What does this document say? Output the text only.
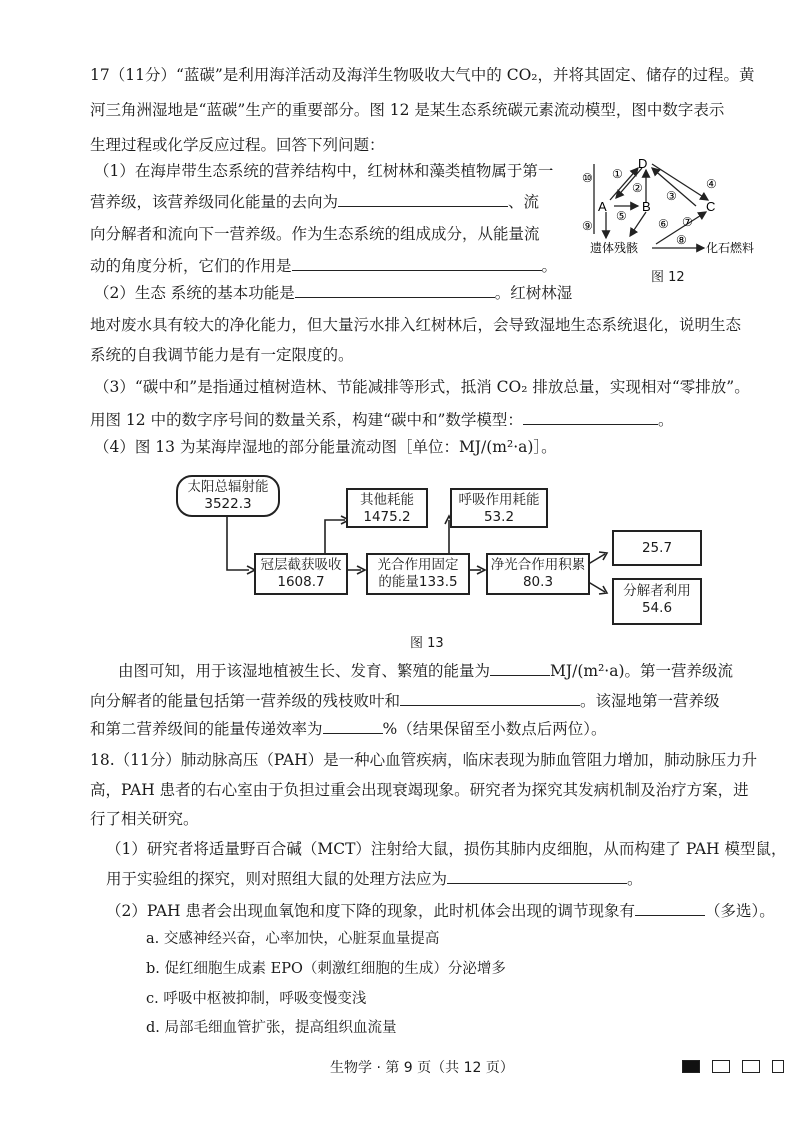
17（11分）“蓝碳”是利用海洋活动及海洋生物吸收大气中的 CO₂，并将其固定、储存的过程。黄
河三角洲湿地是“蓝碳”生产的重要部分。图 12 是某生态系统碳元素流动模型，图中数字表示
生理过程或化学反应过程。回答下列问题：
（1）在海岸带生态系统的营养结构中，红树林和藻类植物属于第一
营养级，该营养级同化能量的去向为	、流
向分解者和流向下一营养级。作为生态系统的组成成分，从能量流
动的角度分析，它们的作用是	。
D
A	B	C
⑩ ①
②
③
④
⑤
⑥ ⑦
⑧
⑨
遗体残骸	化石燃料
图 12
（2）生态 系统的基本功能是	。红树林湿
地对废水具有较大的净化能力，但大量污水排入红树林后，会导致湿地生态系统退化，说明生态
系统的自我调节能力是有一定限度的。
（3）“碳中和”是指通过植树造林、节能减排等形式，抵消 CO₂ 排放总量，实现相对“零排放”。
用图 12 中的数字序号间的数量关系，构建“碳中和”数学模型：	。
（4）图 13 为某海岸湿地的部分能量流动图［单位：MJ/(m²·a)］。
太阳总辐射能
3522.3	其他耗能
1475.2
呼吸作用耗能
53.2
冠层截获吸收
1608.7
光合作用固定
的能量133.5
净光合作用积累
80.3
25.7
分解者利用
54.6
图 13
由图可知，用于该湿地植被生长、发育、繁殖的能量为	MJ/(m²·a)。第一营养级流
向分解者的能量包括第一营养级的残枝败叶和	。该湿地第一营养级
和第二营养级间的能量传递效率为	%（结果保留至小数点后两位）。
18.（11分）肺动脉高压（PAH）是一种心血管疾病，临床表现为肺血管阻力增加，肺动脉压力升
高，PAH 患者的右心室由于负担过重会出现衰竭现象。研究者为探究其发病机制及治疗方案，进
行了相关研究。
（1）研究者将适量野百合碱（MCT）注射给大鼠，损伤其肺内皮细胞，从而构建了 PAH 模型鼠，
用于实验组的探究，则对照组大鼠的处理方法应为	。
（2）PAH 患者会出现血氧饱和度下降的现象，此时机体会出现的调节现象有	（多选）。
a. 交感神经兴奋，心率加快，心脏泵血量提高
b. 促红细胞生成素 EPO（刺激红细胞的生成）分泌增多
c. 呼吸中枢被抑制，呼吸变慢变浅
d. 局部毛细血管扩张，提高组织血流量
生物学 · 第 9 页（共 12 页）
